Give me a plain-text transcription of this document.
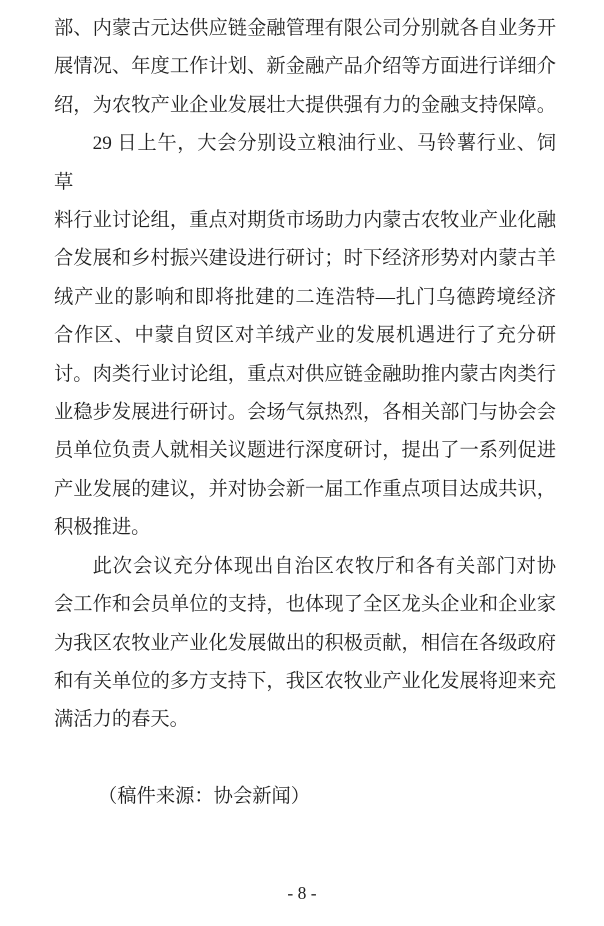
部、内蒙古元达供应链金融管理有限公司分别就各自业务开
展情况、年度工作计划、新金融产品介绍等方面进行详细介
绍，为农牧产业企业发展壮大提供强有力的金融支持保障。
29 日上午，大会分别设立粮油行业、马铃薯行业、饲草
料行业讨论组，重点对期货市场助力内蒙古农牧业产业化融
合发展和乡村振兴建设进行研讨；时下经济形势对内蒙古羊
绒产业的影响和即将批建的二连浩特—扎门乌德跨境经济
合作区、中蒙自贸区对羊绒产业的发展机遇进行了充分研
讨。肉类行业讨论组，重点对供应链金融助推内蒙古肉类行
业稳步发展进行研讨。会场气氛热烈，各相关部门与协会会
员单位负责人就相关议题进行深度研讨，提出了一系列促进
产业发展的建议，并对协会新一届工作重点项目达成共识，
积极推进。
此次会议充分体现出自治区农牧厅和各有关部门对协
会工作和会员单位的支持，也体现了全区龙头企业和企业家
为我区农牧业产业化发展做出的积极贡献，相信在各级政府
和有关单位的多方支持下，我区农牧业产业化发展将迎来充
满活力的春天。
（稿件来源：协会新闻）
- 8 -
